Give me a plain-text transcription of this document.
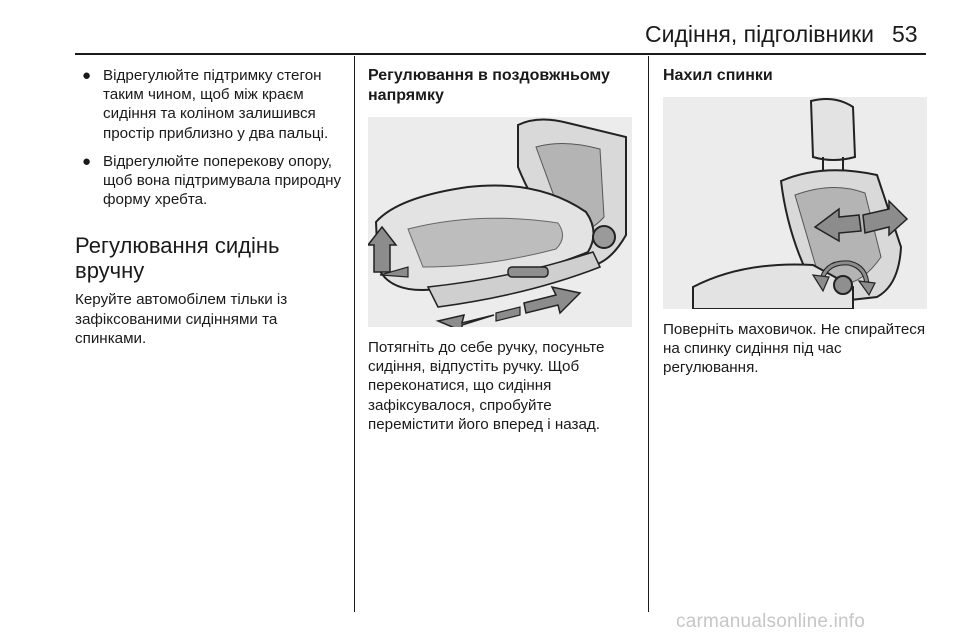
Сидіння, підголівники 53
● Відрегулюйте підтримку стегон таким чином, щоб між краєм сидіння та коліном залишився простір приблизно у два пальці.
● Відрегулюйте поперекову опору, щоб вона підтримувала природну форму хребта.
Регулювання сидінь вручну

Керуйте автомобілем тільки із зафіксованими сидіннями та спинками.

Регулювання в поздовжньому напрямку

Потягніть до себе ручку, посуньте сидіння, відпустіть ручку. Щоб переконатися, що сидіння зафіксувалося, спробуйте перемістити його вперед і назад.

Нахил спинки

Поверніть маховичок. Не спирайтеся на спинку сидіння під час регулювання.

carmanualsonline.info
